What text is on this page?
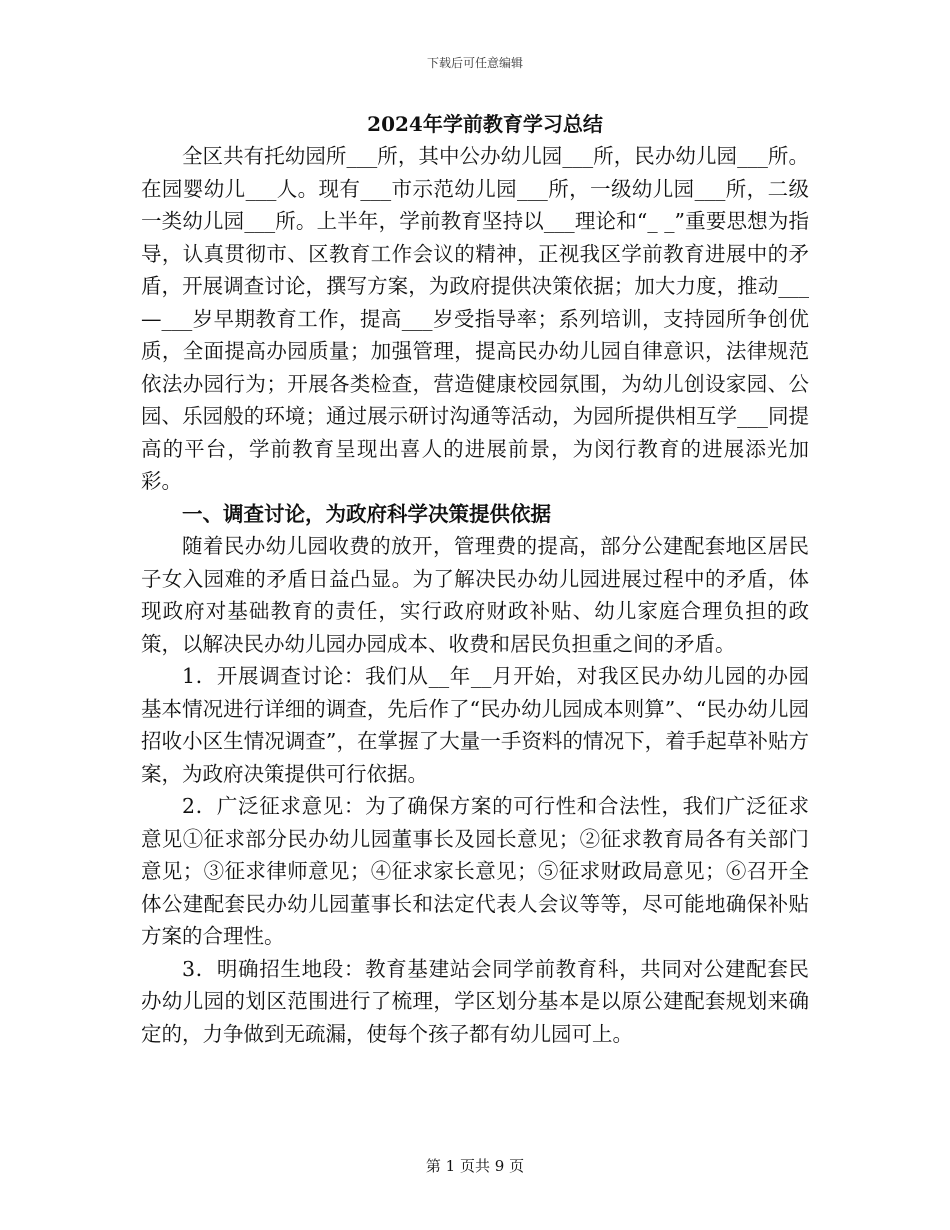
下载后可任意编辑
2024年学前教育学习总结

全区共有托幼园所___所，其中公办幼儿园___所，民办幼儿园___所。在园婴幼儿___人。现有___市示范幼儿园___所，一级幼儿园___所，二级一类幼儿园___所。上半年，学前教育坚持以___理论和“_ _”重要思想为指导，认真贯彻市、区教育工作会议的精神，正视我区学前教育进展中的矛盾，开展调查讨论，撰写方案，为政府提供决策依据；加大力度，推动___—___岁早期教育工作，提高___岁受指导率；系列培训，支持园所争创优质，全面提高办园质量；加强管理，提高民办幼儿园自律意识，法律规范依法办园行为；开展各类检查，营造健康校园氛围，为幼儿创设家园、公园、乐园般的环境；通过展示研讨沟通等活动，为园所提供相互学___同提高的平台，学前教育呈现出喜人的进展前景，为闵行教育的进展添光加彩。

一、调查讨论，为政府科学决策提供依据

随着民办幼儿园收费的放开，管理费的提高，部分公建配套地区居民子女入园难的矛盾日益凸显。为了解决民办幼儿园进展过程中的矛盾，体现政府对基础教育的责任，实行政府财政补贴、幼儿家庭合理负担的政策，以解决民办幼儿园办园成本、收费和居民负担重之间的矛盾。

1．开展调查讨论：我们从__年__月开始，对我区民办幼儿园的办园基本情况进行详细的调查，先后作了“民办幼儿园成本则算”、“民办幼儿园招收小区生情况调查”，在掌握了大量一手资料的情况下，着手起草补贴方案，为政府决策提供可行依据。

2．广泛征求意见：为了确保方案的可行性和合法性，我们广泛征求意见①征求部分民办幼儿园董事长及园长意见；②征求教育局各有关部门意见；③征求律师意见；④征求家长意见；⑤征求财政局意见；⑥召开全体公建配套民办幼儿园董事长和法定代表人会议等等，尽可能地确保补贴方案的合理性。

3．明确招生地段：教育基建站会同学前教育科，共同对公建配套民办幼儿园的划区范围进行了梳理，学区划分基本是以原公建配套规划来确定的，力争做到无疏漏，使每个孩子都有幼儿园可上。

第 1 页共 9 页
